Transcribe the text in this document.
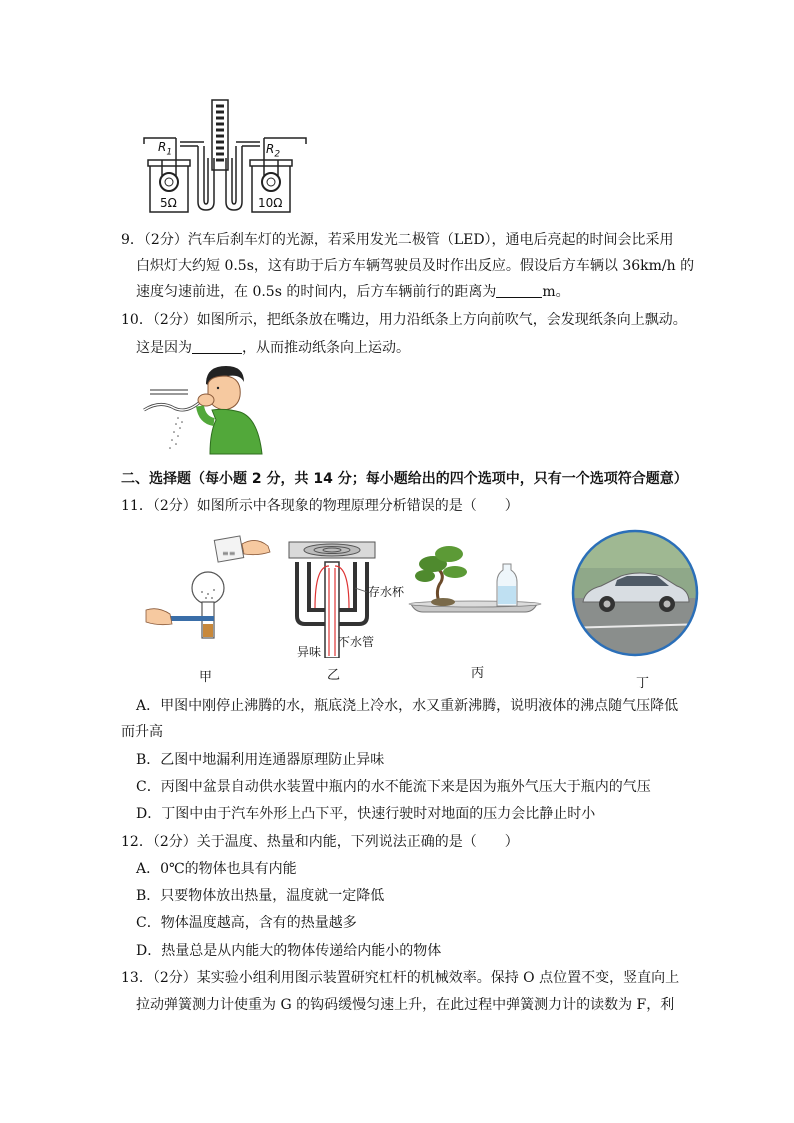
$R_1$	$R_2$
5Ω	10Ω
9．（2分）汽车后刹车灯的光源，若采用发光二极管（LED），通电后亮起的时间会比采用
白炽灯大约短 0.5s，这有助于后方车辆驾驶员及时作出反应。假设后方车辆以 36km/h 的
速度匀速前进，在 0.5s 的时间内，后方车辆前行的距离为	m。
10．（2分）如图所示，把纸条放在嘴边，用力沿纸条上方向前吹气，会发现纸条向上飘动。
这是因为	，从而推动纸条向上运动。
二、选择题（每小题 2 分，共 14 分；每小题给出的四个选项中，只有一个选项符合题意）
11．（2分）如图所示中各现象的物理原理分析错误的是（　　）
≡≡
存水杯
下水管
异味
甲	乙	丙
丁
A．甲图中刚停止沸腾的水，瓶底浇上冷水，水又重新沸腾，说明液体的沸点随气压降低
而升高
B．乙图中地漏利用连通器原理防止异味
C．丙图中盆景自动供水装置中瓶内的水不能流下来是因为瓶外气压大于瓶内的气压
D．丁图中由于汽车外形上凸下平，快速行驶时对地面的压力会比静止时小
12．（2分）关于温度、热量和内能，下列说法正确的是（　　）
A．0℃的物体也具有内能
B．只要物体放出热量，温度就一定降低
C．物体温度越高，含有的热量越多
D．热量总是从内能大的物体传递给内能小的物体
13．（2分）某实验小组利用图示装置研究杠杆的机械效率。保持 O 点位置不变，竖直向上
拉动弹簧测力计使重为 G 的钩码缓慢匀速上升，在此过程中弹簧测力计的读数为 F，利
